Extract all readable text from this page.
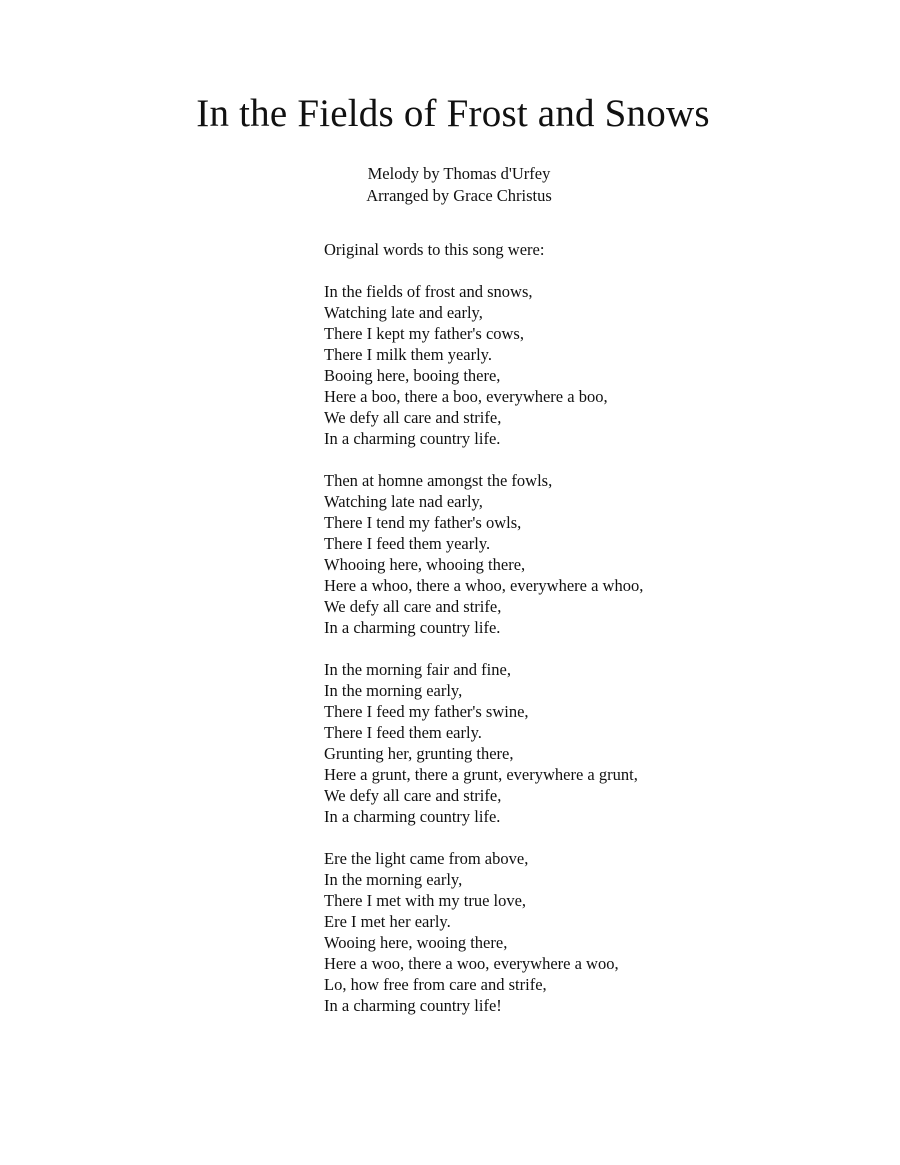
In the Fields of Frost and Snows
Melody by Thomas d'Urfey
Arranged by Grace Christus
Original words to this song were:
In the fields of frost and snows,
Watching late and early,
There I kept my father's cows,
There I milk them yearly.
Booing here, booing there,
Here a boo, there a boo, everywhere a boo,
We defy all care and strife,
In a charming country life.
Then at homne amongst the fowls,
Watching late nad early,
There I tend my father's owls,
There I feed them yearly.
Whooing here, whooing there,
Here a whoo, there a whoo, everywhere a whoo,
We defy all care and strife,
In a charming country life.
In the morning fair and fine,
In the morning early,
There I feed my father's swine,
There I feed them early.
Grunting her, grunting there,
Here a grunt, there a grunt, everywhere a grunt,
We defy all care and strife,
In a charming country life.
Ere the light came from above,
In the morning early,
There I met with my true love,
Ere I met her early.
Wooing here, wooing there,
Here a woo, there a woo, everywhere a woo,
Lo, how free from care and strife,
In a charming country life!
